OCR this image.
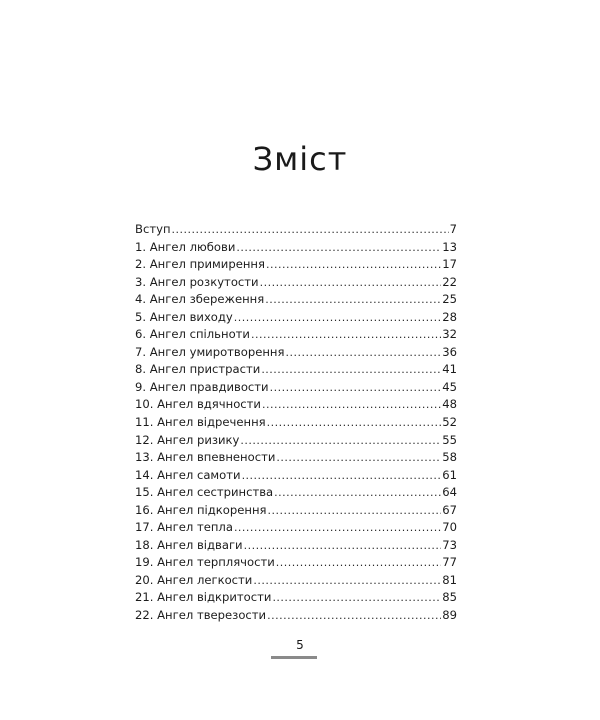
Зміст
Вступ .....	7
1. Ангел любови .....	13
2. Ангел примирення .....	17
3. Ангел розкутости .....	22
4. Ангел збереження .....	25
5. Ангел виходу .....	28
6. Ангел спільноти .....	32
7. Ангел умиротворення .....	36
8. Ангел пристрасти .....	41
9. Ангел правдивости .....	45
10. Ангел вдячности .....	48
11. Ангел відречення .....	52
12. Ангел ризику .....	55
13. Ангел впевнености .....	58
14. Ангел самоти .....	61
15. Ангел сестринства .....	64
16. Ангел підкорення .....	67
17. Ангел тепла .....	70
18. Ангел відваги .....	73
19. Ангел терплячости .....	77
20. Ангел легкости .....	81
21. Ангел відкритости .....	85
22. Ангел тверезости .....	89
5
